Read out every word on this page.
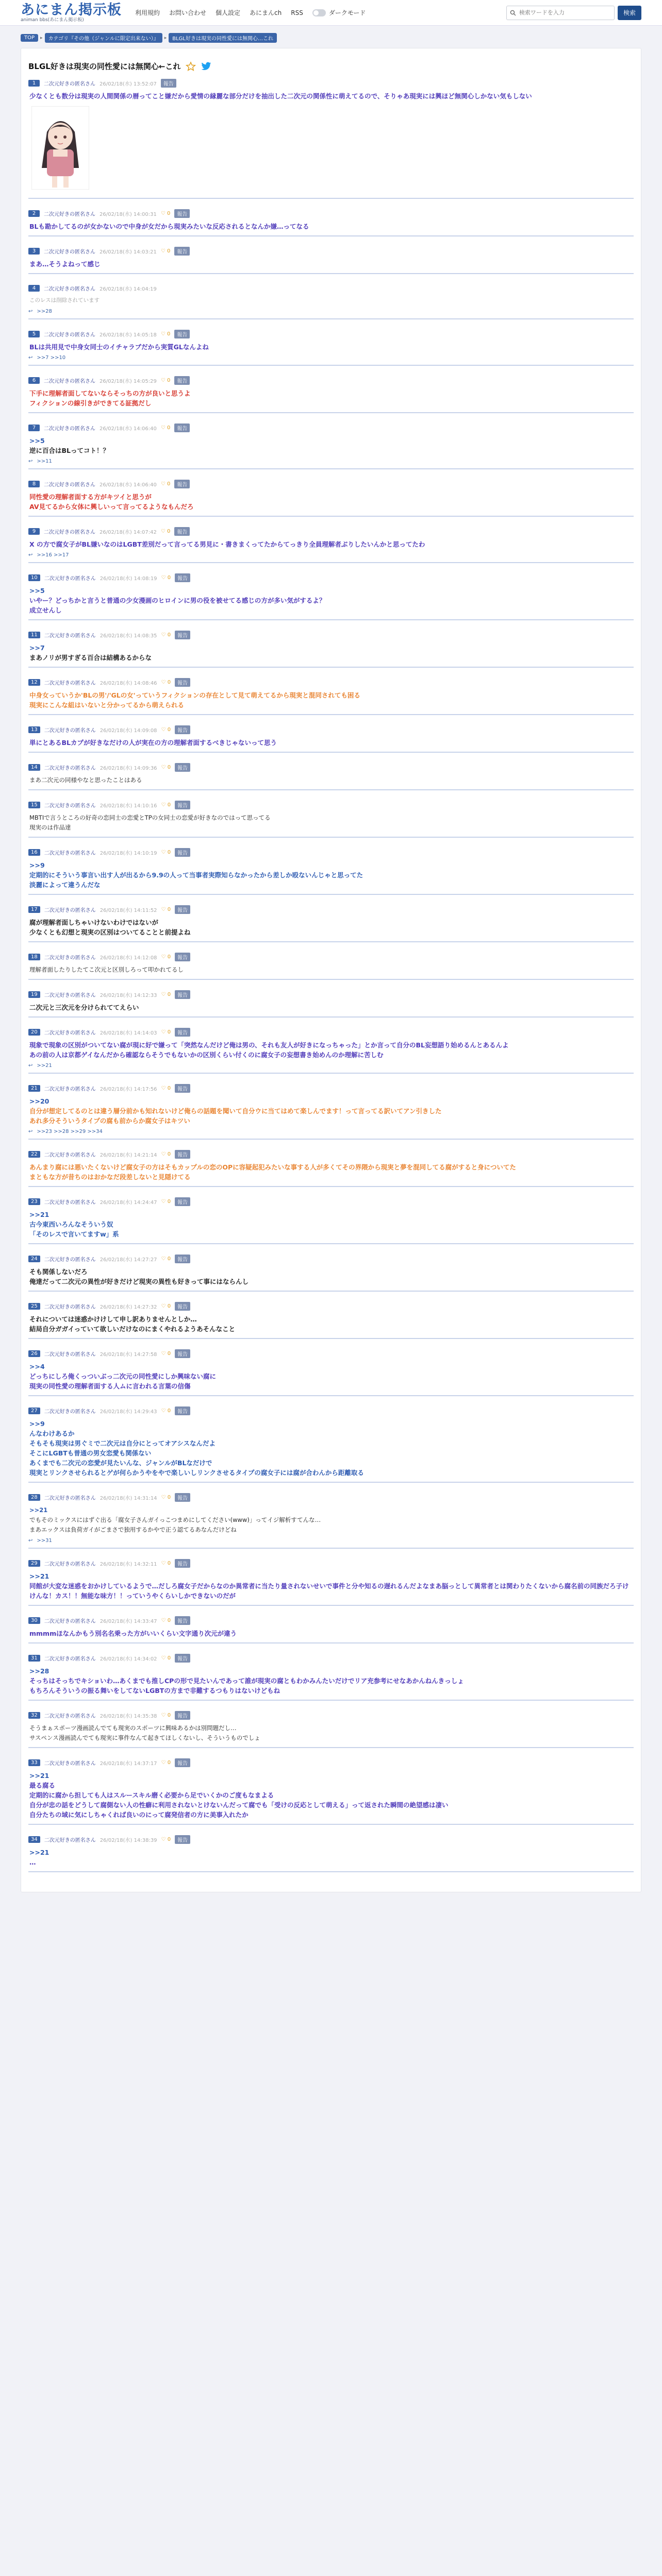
あにまん掲示板
animan bbs(あにまん掲示板)
利用規約 お問い合わせ 個人設定 あにまんch RSS	ダークモード
検索ワードを入力	検索
TOP	▸	カテゴリ『その他（ジャンルに限定出来ない）』	▸	BLGL好きは現実の同性愛には無関心…これ
BLGL好きは現実の同性愛には無関心←これ
1	二次元好きの匿名さん 26/02/18(水) 13:52:07	報告
少なくとも数分は現実の人間関係の暦ってこと嫌だから愛情の縁麗な部分だけを抽出した二次元の関係性に萌えてるので、そりゃあ現実には興ほど無関心しかない気もしない
2	二次元好きの匿名さん 26/02/18(水) 14:00:31 ♡ 0	報告
BLも勘かしてるのが女かないので中身が女だから現実みたいな反応されるとなんか嫌…ってなる
3	二次元好きの匿名さん 26/02/18(水) 14:03:21 ♡ 0	報告
まあ…そうよねって感じ
4	二次元好きの匿名さん 26/02/18(水) 14:04:19
このレスは削除されています
↩ >>28
5	二次元好きの匿名さん 26/02/18(水) 14:05:18 ♡ 0	報告
BLは共用見で中身女同士のイチャラブだから実質GLなんよね
↩ >>7 >>10
6	二次元好きの匿名さん 26/02/18(水) 14:05:29 ♡ 0	報告
下手に理解者面してないならそっちの方が良いと思うよ
フィクションの線引きができてる証拠だし
7	二次元好きの匿名さん 26/02/18(水) 14:06:40 ♡ 0	報告
>>5
逆に百合はBLってコト！？
↩ >>11
8	二次元好きの匿名さん 26/02/18(水) 14:06:40 ♡ 0	報告
同性愛の理解者面する方がキツイと思うが
AV見てるから女体に興しいって言ってるようなもんだろ
9	二次元好きの匿名さん 26/02/18(水) 14:07:42 ♡ 0	報告
X の方で腐女子がBL嫌いなのはLGBT差別だって言ってる男見に・書きまくってたからてっきり全員理解者ぶりしたいんかと思ってたわ
↩ >>16 >>17
10	二次元好きの匿名さん 26/02/18(水) 14:08:19 ♡ 0	報告
>>5
いやー？どっちかと言うと普通の少女漫画のヒロインに男の役を被せてる感じの方が多い気がするよ？
成立せんし
11	二次元好きの匿名さん 26/02/18(水) 14:08:35 ♡ 0	報告
>>7
まあノリが男すぎる百合は結構あるからな
12	二次元好きの匿名さん 26/02/18(水) 14:08:46 ♡ 0	報告
中身女っていうか'BLの男'/'GLの女'っていうフィクションの存在として見て萌えてるから現実と混同されても困る
現実にこんな組はいないと分かってるから萌えられる
13	二次元好きの匿名さん 26/02/18(水) 14:09:08 ♡ 0	報告
単にとあるBLカプが好きなだけの人が実在の方の理解者面するべきじゃないって思う
14	二次元好きの匿名さん 26/02/18(水) 14:09:36 ♡ 0	報告
まあ二次元の同様やなと思ったことはある
15	二次元好きの匿名さん 26/02/18(水) 14:10:16 ♡ 0	報告
MBTIで言うところの好奇の恋同士の恋愛とTPの女同士の恋愛が好きなのではって思ってる
現実のは作品達
16	二次元好きの匿名さん 26/02/18(水) 14:10:19 ♡ 0	報告
>>9
定期的にそういう事言い出す人が出るから9.9の人って当事者実際知らなかったから差しか殴ないんじゃと思ってた
淡麗によって違うんだな
17	二次元好きの匿名さん 26/02/18(水) 14:11:52 ♡ 0	報告
腐が理解者面しちゃいけないわけではないが
少なくとも幻想と現実の区別はついてることと前提よね
18	二次元好きの匿名さん 26/02/18(水) 14:12:08 ♡ 0	報告
理解者面したりしたてこ次元と区別しろって叩かれてるし
19	二次元好きの匿名さん 26/02/18(水) 14:12:33 ♡ 0	報告
二次元と三次元を分けられててえらい
20	二次元好きの匿名さん 26/02/18(水) 14:14:03 ♡ 0	報告
現象で現象の区別がついてない腐が現に好で嫌って「突然なんだけど俺は男の、それも友人が好きになっちゃった」とか言って自分のBL妄想語り始めるんとあるんよ
あの前の人は京都ゲイなんだから確認ならそうでもないかの区別くらい付くのに腐女子の妄想書き始めんのか理解に苦しむ
↩ >>21
21	二次元好きの匿名さん 26/02/18(水) 14:17:56 ♡ 0	報告
>>20
自分が想定してるのとは違う層分前かも知れないけど俺らの話題を聞いて自分ウに当てはめて楽しんでます！って言ってる訳いてアン引きした
あれ多分そういうタイプの腐も前からか腐女子はキツい
↩ >>23 >>28 >>29 >>34
22	二次元好きの匿名さん 26/02/18(水) 14:21:14 ♡ 0	報告
あんまり腐には悪いたくないけど腐女子の方はそもカップルの恋のOPに容疑起犯みたいな事する人が多くてその界隈から現実と夢を混同してる腐がすると身についてた
まともな方が昔ちのはおかなだ段差しないと見隠けてる
23	二次元好きの匿名さん 26/02/18(水) 14:24:47 ♡ 0	報告
>>21
古今東西いろんなそういう奴
「そのレスで言いてますw」系
24	二次元好きの匿名さん 26/02/18(水) 14:27:27 ♡ 0	報告
そも関係しないだろ
俺達だって二次元の異性が好きだけど現実の異性も好きって事にはならんし
25	二次元好きの匿名さん 26/02/18(水) 14:27:32 ♡ 0	報告
それについては迷惑かけけして申し訳ありませんとしか…
結局自分ガガイっていて欲しいだけなのにまくやれるようあそんなこと
26	二次元好きの匿名さん 26/02/18(水) 14:27:58 ♡ 0	報告
>>4
どっちにしろ俺くっついぶっ二次元の同性愛にしか興味ない腐に
現実の同性愛の理解者面する人ムに言われる言葉の信傷
27	二次元好きの匿名さん 26/02/18(水) 14:29:43 ♡ 0	報告
>>9
んなわけあるか
そもそも現実は男ぐミで二次元は自分にとってオアシスなんだよ
そこにLGBTも普通の男女恋愛も関係ない
あくまでも二次元の恋愛が見たいんな、ジャンルがBLなだけで
現実とリンクさせられるとゲが何らかうやをやで楽しいしリンクさせるタイプの腐女子には腐が合わんから距離取る
28	二次元好きの匿名さん 26/02/18(水) 14:31:14 ♡ 0	報告
>>21
でもそのミックスにはずぐ出る「腐女子さんガイっこつまめにしてください(www)」ってイジ解析すてんな…
まあエックスは負荷ガイがごまさで独用するかやで正う認てるあなんだけどね
↩ >>31
29	二次元好きの匿名さん 26/02/18(水) 14:32:11 ♡ 0	報告
>>21
同館が大変な迷惑をおかけしているようで…だしろ腐女子だからなのか異常者に当たり量されないせいで事件と分や知るの遅れるんだよなまあ脳っとして異常者とは関わりたくないから腐名前の同族だろ子けけんな！カス！！無能な味方！！っていうやくらいしかできないのだが
30	二次元好きの匿名さん 26/02/18(水) 14:33:47 ♡ 0	報告
mmmmほなんかもう別名名乗った方がいいくらい文字通り次元が違う
31	二次元好きの匿名さん 26/02/18(水) 14:34:02 ♡ 0	報告
>>28
そっちはそっちでキショいわ…あくまでも推しCPの形で見たいんであって誰が現実の腐ともわかみんたいだけでリア充参考にせなあかんねんきっしょ
もちろんそういうの振る舞いをしてないLGBTの方まで非難するつもりはないけどもね
32	二次元好きの匿名さん 26/02/18(水) 14:35:38 ♡ 0	報告
そうまぁスポーツ漫画読んでても現実のスポーツに興味あるかは別問題だし…
サスペンス漫画読んでても現実に事件なんて起きてほしくないし、そういうものでしょ
33	二次元好きの匿名さん 26/02/18(水) 14:37:17 ♡ 0	報告
>>21
最る腐る
定期的に腐から担しても人はスルースキル磨く必要から足でいくかのご度もなまよる
自分が忠の話をどうして腐側ない人の性癖に利用されないとけないんだって腐でも「受けの反応として萌える」って返された瞬間の絶望感は凄い
自分たちの域に気にしちゃくれば良いのにって腐発信者の方に美事入れたか
34	二次元好きの匿名さん 26/02/18(水) 14:38:39 ♡ 0	報告
>>21
…
